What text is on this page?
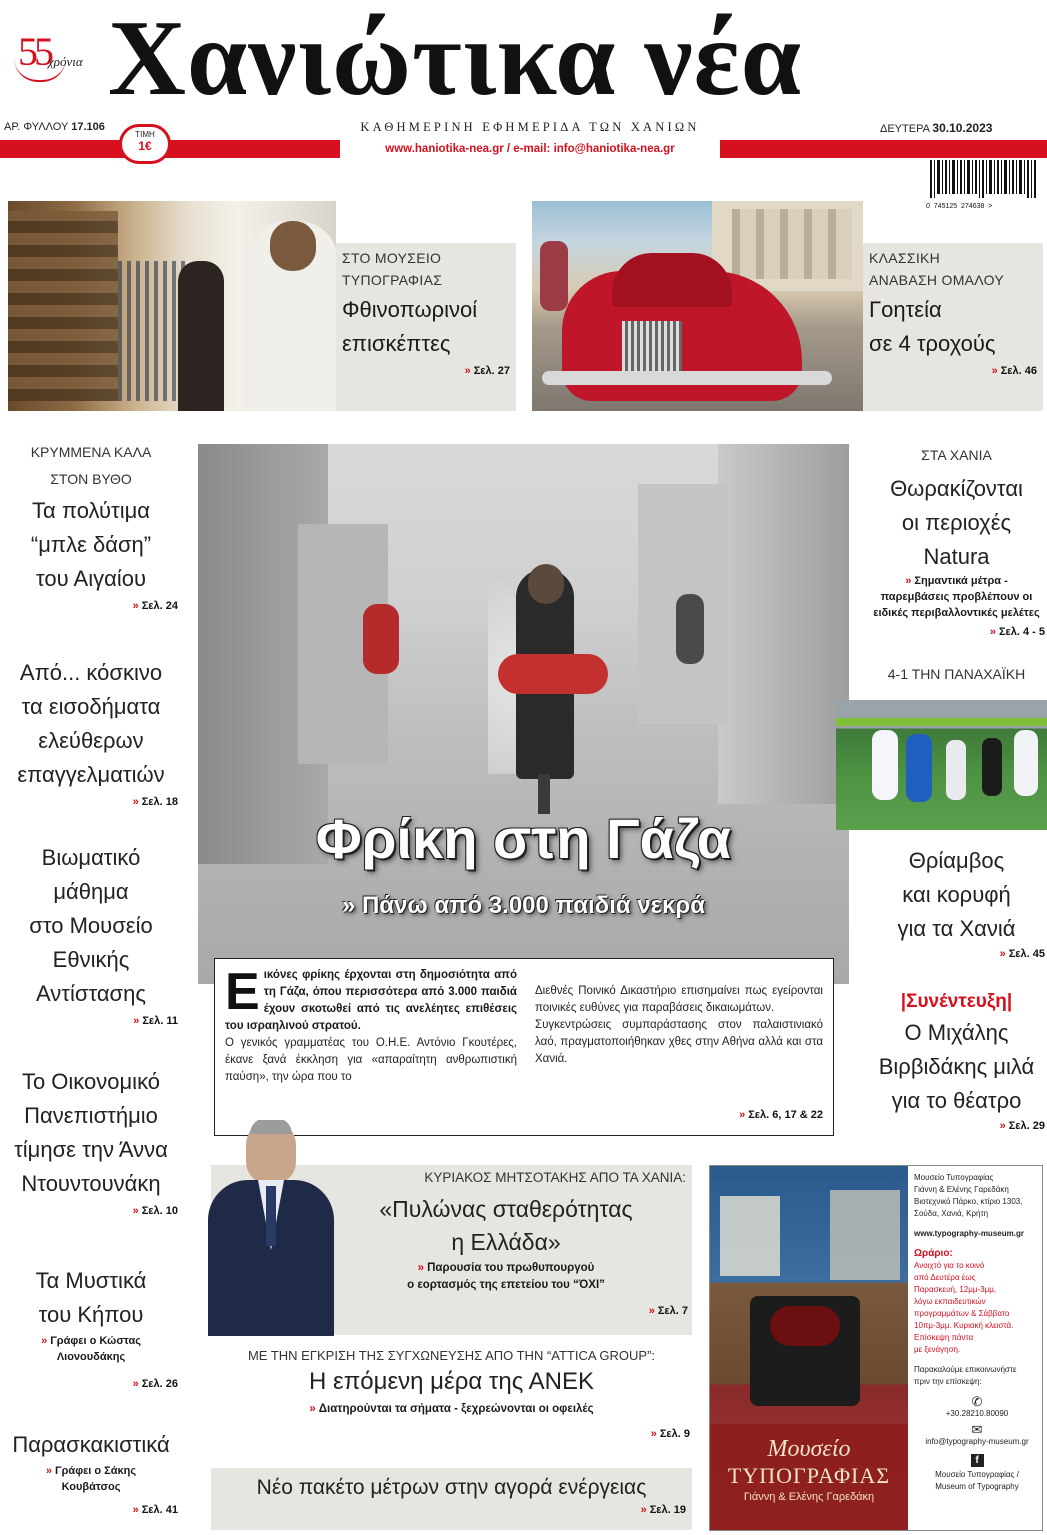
55
χρόνια Χανιώτικα νέα
ΑΡ. ΦΥΛΛΟΥ 17.106	ΚΑΘΗΜΕΡΙΝΗ ΕΦΗΜΕΡΙΔΑ ΤΩΝ ΧΑΝΙΩΝ	ΔΕΥΤΕΡΑ 30.10.2023
www.haniotika-nea.gr / e-mail: info@haniotika-nea.gr
ΤΙΜΗ
1€
0  745125  274638  >
ΣΤΟ ΜΟΥΣΕΙΟ
ΤΥΠΟΓΡΑΦΙΑΣ
Φθινοπωρινοί
επισκέπτες
» Σελ. 27
ΚΛΑΣΣΙΚΗ
ΑΝΑΒΑΣΗ ΟΜΑΛΟΥ
Γοητεία
σε 4 τροχούς
» Σελ. 46
ΚΡΥΜΜΕΝΑ ΚΑΛΑ
ΣΤΟΝ ΒΥΘΟ
Τα πολύτιμα
“μπλε δάση”
του Αιγαίου
» Σελ. 24
Από... κόσκινο
τα εισοδήματα
ελεύθερων
επαγγελματιών
» Σελ. 18
Βιωματικό
μάθημα
στο Μουσείο
Εθνικής
Αντίστασης
» Σελ. 11
Το Οικονομικό
Πανεπιστήμιο
τίμησε την Άννα
Ντουντουνάκη
» Σελ. 10
Τα Μυστικά
του Κήπου
» Γράφει ο Κώστας
Λιονουδάκης
» Σελ. 26
Παρασκακιστικά
» Γράφει ο Σάκης
Κουβάτσος
» Σελ. 41
Φρίκη στη Γάζα
» Πάνω από 3.000 παιδιά νεκρά
Ε ικόνες φρίκης έρχονται στη δημοσιότητα από τη Γάζα, όπου περισσότερα από 3.000 παιδιά έχουν σκοτωθεί από τις ανελέητες επιθέσεις του ισραηλινού στρατού.
Ο γενικός γραμματέας του Ο.Η.Ε. Αντόνιο Γκουτέρες, έκανε ξανά έκκληση για «απαραίτητη ανθρωπιστική παύση», την ώρα που το
Διεθνές Ποινικό Δικαστήριο επισημαίνει πως εγείρονται ποινικές ευθύνες για παραβάσεις δικαιωμάτων.
Συγκεντρώσεις συμπαράστασης στον παλαιστινιακό λαό, πραγματοποιήθηκαν χθες στην Αθήνα αλλά και στα Χανιά.
» Σελ. 6, 17 & 22
ΣΤΑ ΧΑΝΙΑ
Θωρακίζονται
οι περιοχές
Natura
» Σημαντικά μέτρα - παρεμβάσεις προβλέπουν οι ειδικές περιβαλλοντικές μελέτες
» Σελ. 4 - 5
4-1 ΤΗΝ ΠΑΝΑΧΑΪΚΗ
Θρίαμβος
και κορυφή
για τα Χανιά
» Σελ. 45
|Συνέντευξη|
Ο Μιχάλης
Βιρβιδάκης μιλά
για το θέατρο
» Σελ. 29
ΚΥΡΙΑΚΟΣ ΜΗΤΣΟΤΑΚΗΣ ΑΠΟ ΤΑ ΧΑΝΙΑ:
«Πυλώνας σταθερότητας
η Ελλάδα»
» Παρουσία του πρωθυπουργού
ο εορτασμός της επετείου του “ΌΧΙ”
» Σελ. 7
ΜΕ ΤΗΝ ΕΓΚΡΙΣΗ ΤΗΣ ΣΥΓΧΩΝΕΥΣΗΣ ΑΠΟ ΤΗΝ “ATTICA GROUP”:
Η επόμενη μέρα της ΑΝΕΚ
» Διατηρούνται τα σήματα - ξεχρεώνονται οι οφειλές
» Σελ. 9
Νέο πακέτο μέτρων στην αγορά ενέργειας
» Σελ. 19
Μουσείο
ΤΥΠΟΓΡΑΦΙΑΣ
Γιάννη & Ελένης Γαρεδάκη
Μουσείο Τυπογραφίας
Γιάννη & Ελένης Γαρεδάκη
Βιοτεχνικό Πάρκο, κτίριο 1303,
Σούδα, Χανιά, Κρήτη
www.typography-museum.gr
Ωράριο:
Ανοιχτό για το κοινό
από Δευτέρα έως
Παρασκευή, 12μμ-3μμ,
λόγω εκπαιδευτικών
προγραμμάτων & Σάββατο
10πμ-3μμ. Κυριακή κλειστά.
Επίσκεψη πάντα
με ξενάγηση.
Παρακαλούμε επικοινωνήστε
πριν την επίσκεψη:
✆
+30.28210.80090
✉
info@typography-museum.gr
f
Μουσείο Τυπογραφίας /
Museum of Typography
